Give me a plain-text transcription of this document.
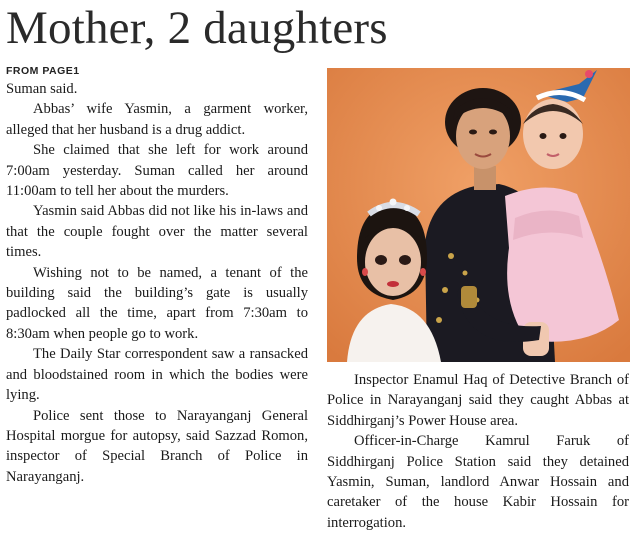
Mother, 2 daughters
FROM PAGE1

Suman said.

Abbas’ wife Yasmin, a garment worker, alleged that her husband is a drug addict.

She claimed that she left for work around 7:00am yesterday. Suman called her around 11:00am to tell her about the murders.

Yasmin said Abbas did not like his in-laws and that the couple fought over the matter several times.

Wishing not to be named, a tenant of the building said the building’s gate is usually padlocked all the time, apart from 7:30am to 8:30am when people go to work.

The Daily Star correspondent saw a ransacked and bloodstained room in which the bodies were lying.

Police sent those to Narayanganj General Hospital morgue for autopsy, said Sazzad Romon, inspector of Special Branch of Police in Narayanganj.

Inspector Enamul Haq of Detective Branch of Police in Narayanganj said they caught Abbas at Siddhirganj’s Power House area.

Officer-in-Charge Kamrul Faruk of Siddhirganj Police Station said they detained Yasmin, Suman, landlord Anwar Hossain and caretaker of the house Kabir Hossain for interrogation.
